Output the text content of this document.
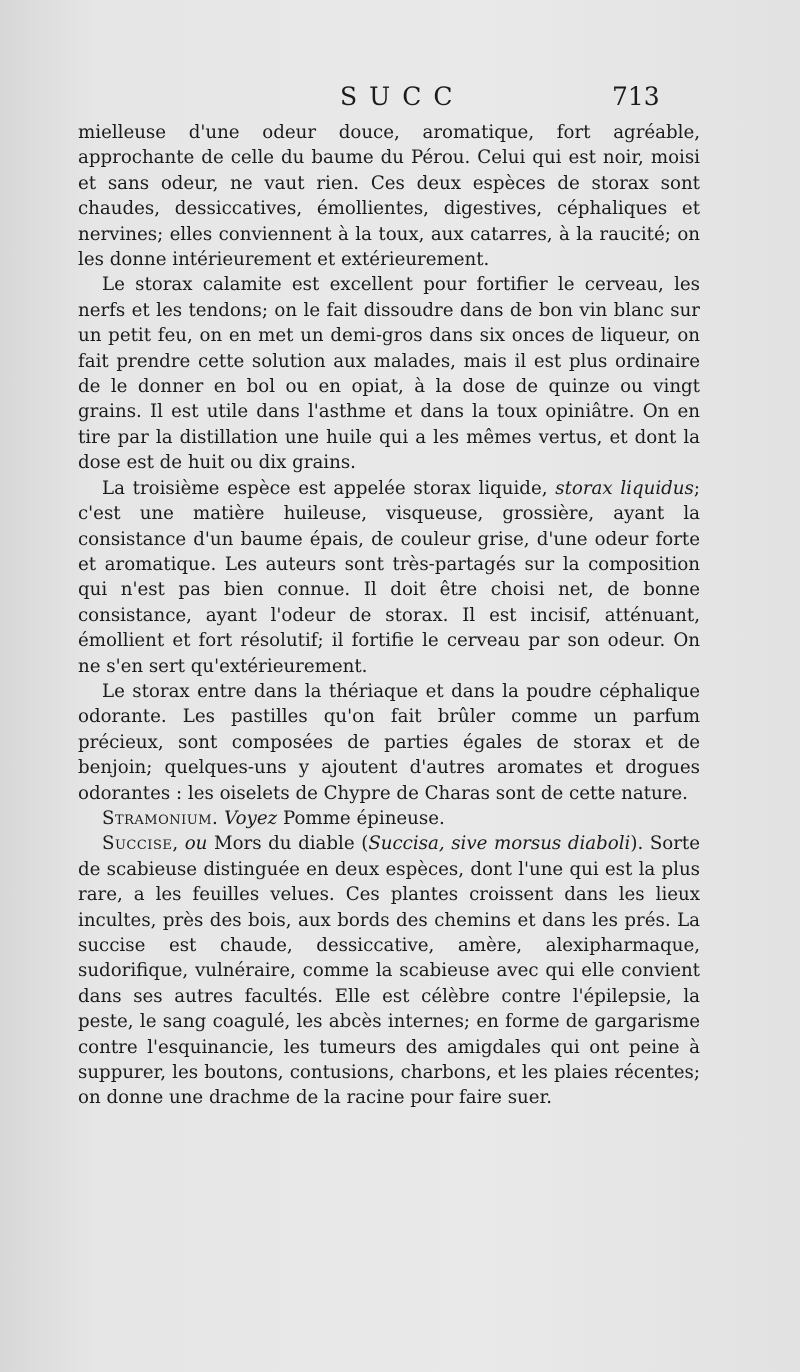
SUCC	713

mielleuse d'une odeur douce, aromatique, fort agréable, approchante de celle du baume du Pérou. Celui qui est noir, moisi et sans odeur, ne vaut rien. Ces deux espèces de storax sont chaudes, dessiccatives, émollientes, digestives, céphaliques et nervines; elles conviennent à la toux, aux catarres, à la raucité; on les donne intérieurement et extérieurement.

Le storax calamite est excellent pour fortifier le cerveau, les nerfs et les tendons; on le fait dissoudre dans de bon vin blanc sur un petit feu, on en met un demi-gros dans six onces de liqueur, on fait prendre cette solution aux malades, mais il est plus ordinaire de le donner en bol ou en opiat, à la dose de quinze ou vingt grains. Il est utile dans l'asthme et dans la toux opiniâtre. On en tire par la distillation une huile qui a les mêmes vertus, et dont la dose est de huit ou dix grains.

La troisième espèce est appelée storax liquide, storax liquidus; c'est une matière huileuse, visqueuse, grossière, ayant la consistance d'un baume épais, de couleur grise, d'une odeur forte et aromatique. Les auteurs sont très-partagés sur la composition qui n'est pas bien connue. Il doit être choisi net, de bonne consistance, ayant l'odeur de storax. Il est incisif, atténuant, émollient et fort résolutif; il fortifie le cerveau par son odeur. On ne s'en sert qu'extérieurement.

Le storax entre dans la thériaque et dans la poudre céphalique odorante. Les pastilles qu'on fait brûler comme un parfum précieux, sont composées de parties égales de storax et de benjoin; quelques-uns y ajoutent d'autres aromates et drogues odorantes : les oiselets de Chypre de Charas sont de cette nature.

Stramonium. Voyez Pomme épineuse.

Succise, ou Mors du diable (Succisa, sive morsus diaboli). Sorte de scabieuse distinguée en deux espèces, dont l'une qui est la plus rare, a les feuilles velues. Ces plantes croissent dans les lieux incultes, près des bois, aux bords des chemins et dans les prés. La succise est chaude, dessiccative, amère, alexipharmaque, sudorifique, vulnéraire, comme la scabieuse avec qui elle convient dans ses autres facultés. Elle est célèbre contre l'épilepsie, la peste, le sang coagulé, les abcès internes; en forme de gargarisme contre l'esquinancie, les tumeurs des amigdales qui ont peine à suppurer, les boutons, contusions, charbons, et les plaies récentes; on donne une drachme de la racine pour faire suer.
